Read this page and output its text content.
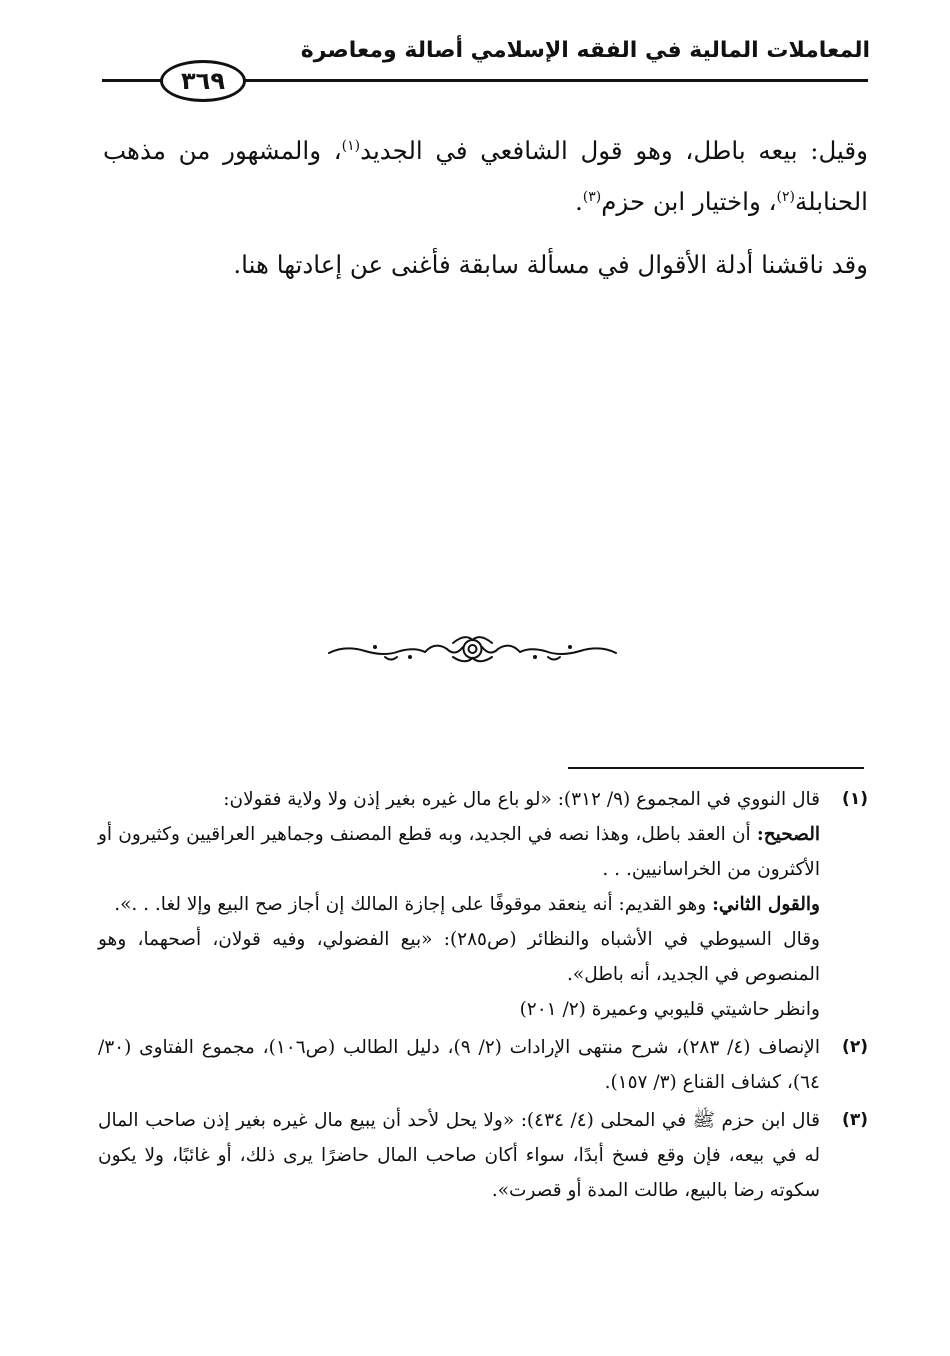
المعاملات المالية في الفقه الإسلامي أصالة ومعاصرة
٣٦٩

وقيل: بيعه باطل، وهو قول الشافعي في الجديد$^{(١)}$، والمشهور من مذهب الحنابلة$^{(٢)}$، واختيار ابن حزم$^{(٣)}$.

وقد ناقشنا أدلة الأقوال في مسألة سابقة فأغنى عن إعادتها هنا.

(١)

قال النووي في المجموع (٩/ ٣١٢): «لو باع مال غيره بغير إذن ولا ولاية فقولان:

الصحيح: أن العقد باطل، وهذا نصه في الجديد، وبه قطع المصنف وجماهير العراقيين وكثيرون أو الأكثرون من الخراسانيين. . .

والقول الثاني: وهو القديم: أنه ينعقد موقوفًا على إجازة المالك إن أجاز صح البيع وإلا لغا. . .».

وقال السيوطي في الأشباه والنظائر (ص٢٨٥): «بيع الفضولي، وفيه قولان، أصحهما، وهو المنصوص في الجديد، أنه باطل».

وانظر حاشيتي قليوبي وعميرة (٢/ ٢٠١)

(٢)

الإنصاف (٤/ ٢٨٣)، شرح منتهى الإرادات (٢/ ٩)، دليل الطالب (ص١٠٦)، مجموع الفتاوى (٣٠/ ٦٤)، كشاف القناع (٣/ ١٥٧).

(٣)

قال ابن حزم ﷺ في المحلى (٤/ ٤٣٤): «ولا يحل لأحد أن يبيع مال غيره بغير إذن صاحب المال له في بيعه، فإن وقع فسخ أبدًا، سواء أكان صاحب المال حاضرًا يرى ذلك، أو غائبًا، ولا يكون سكوته رضا بالبيع، طالت المدة أو قصرت».
